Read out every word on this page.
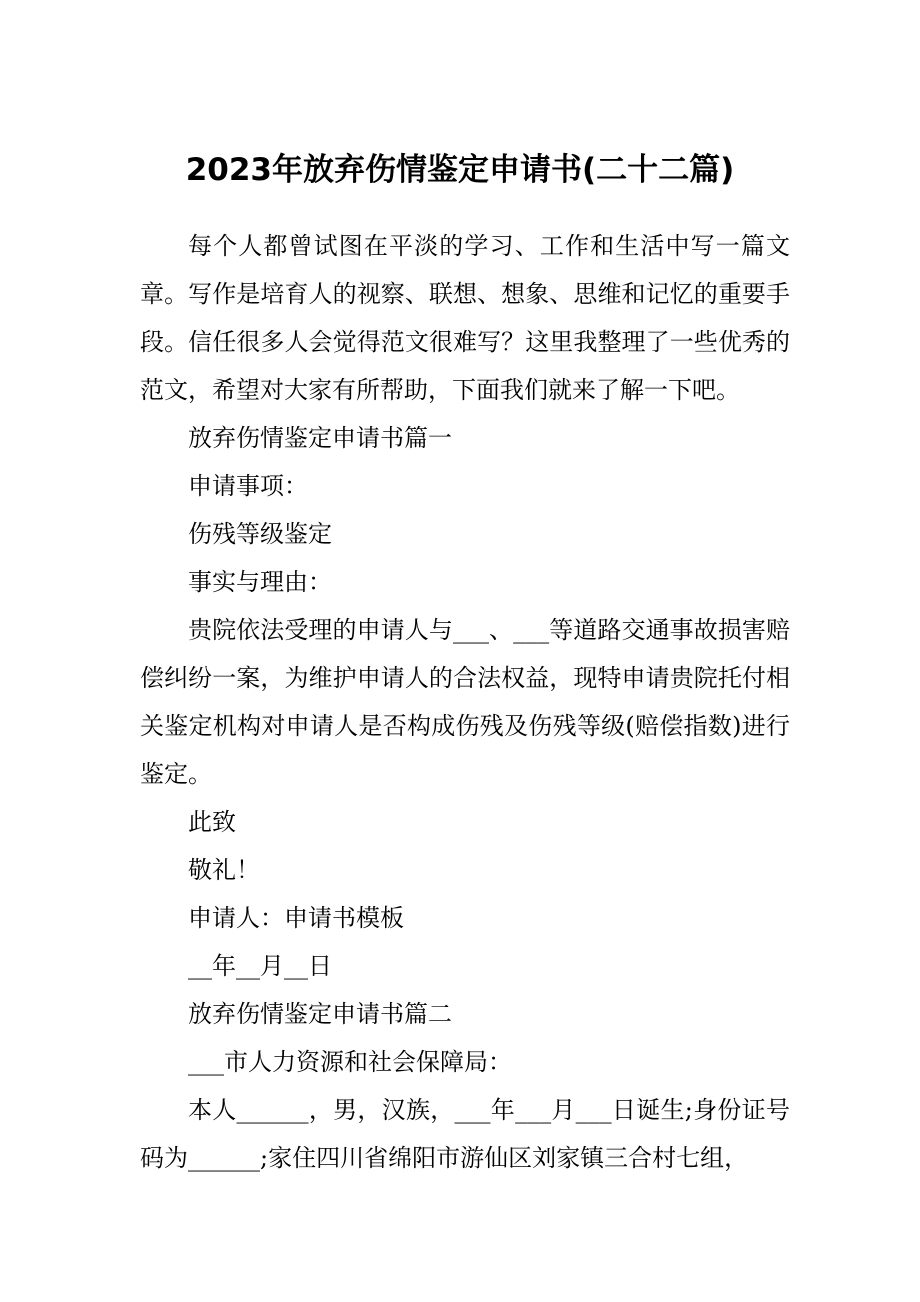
2023年放弃伤情鉴定申请书(二十二篇)

每个人都曾试图在平淡的学习、工作和生活中写一篇文章。写作是培育人的视察、联想、想象、思维和记忆的重要手段。信任很多人会觉得范文很难写？这里我整理了一些优秀的范文，希望对大家有所帮助，下面我们就来了解一下吧。

放弃伤情鉴定申请书篇一

申请事项：

伤残等级鉴定

事实与理由：

贵院依法受理的申请人与___、___等道路交通事故损害赔偿纠纷一案，为维护申请人的合法权益，现特申请贵院托付相关鉴定机构对申请人是否构成伤残及伤残等级(赔偿指数)进行鉴定。

此致

敬礼！

申请人：申请书模板

__年__月__日

放弃伤情鉴定申请书篇二

___市人力资源和社会保障局：

本人______，男，汉族，___年___月___日诞生;身份证号码为______;家住四川省绵阳市游仙区刘家镇三合村七组，
